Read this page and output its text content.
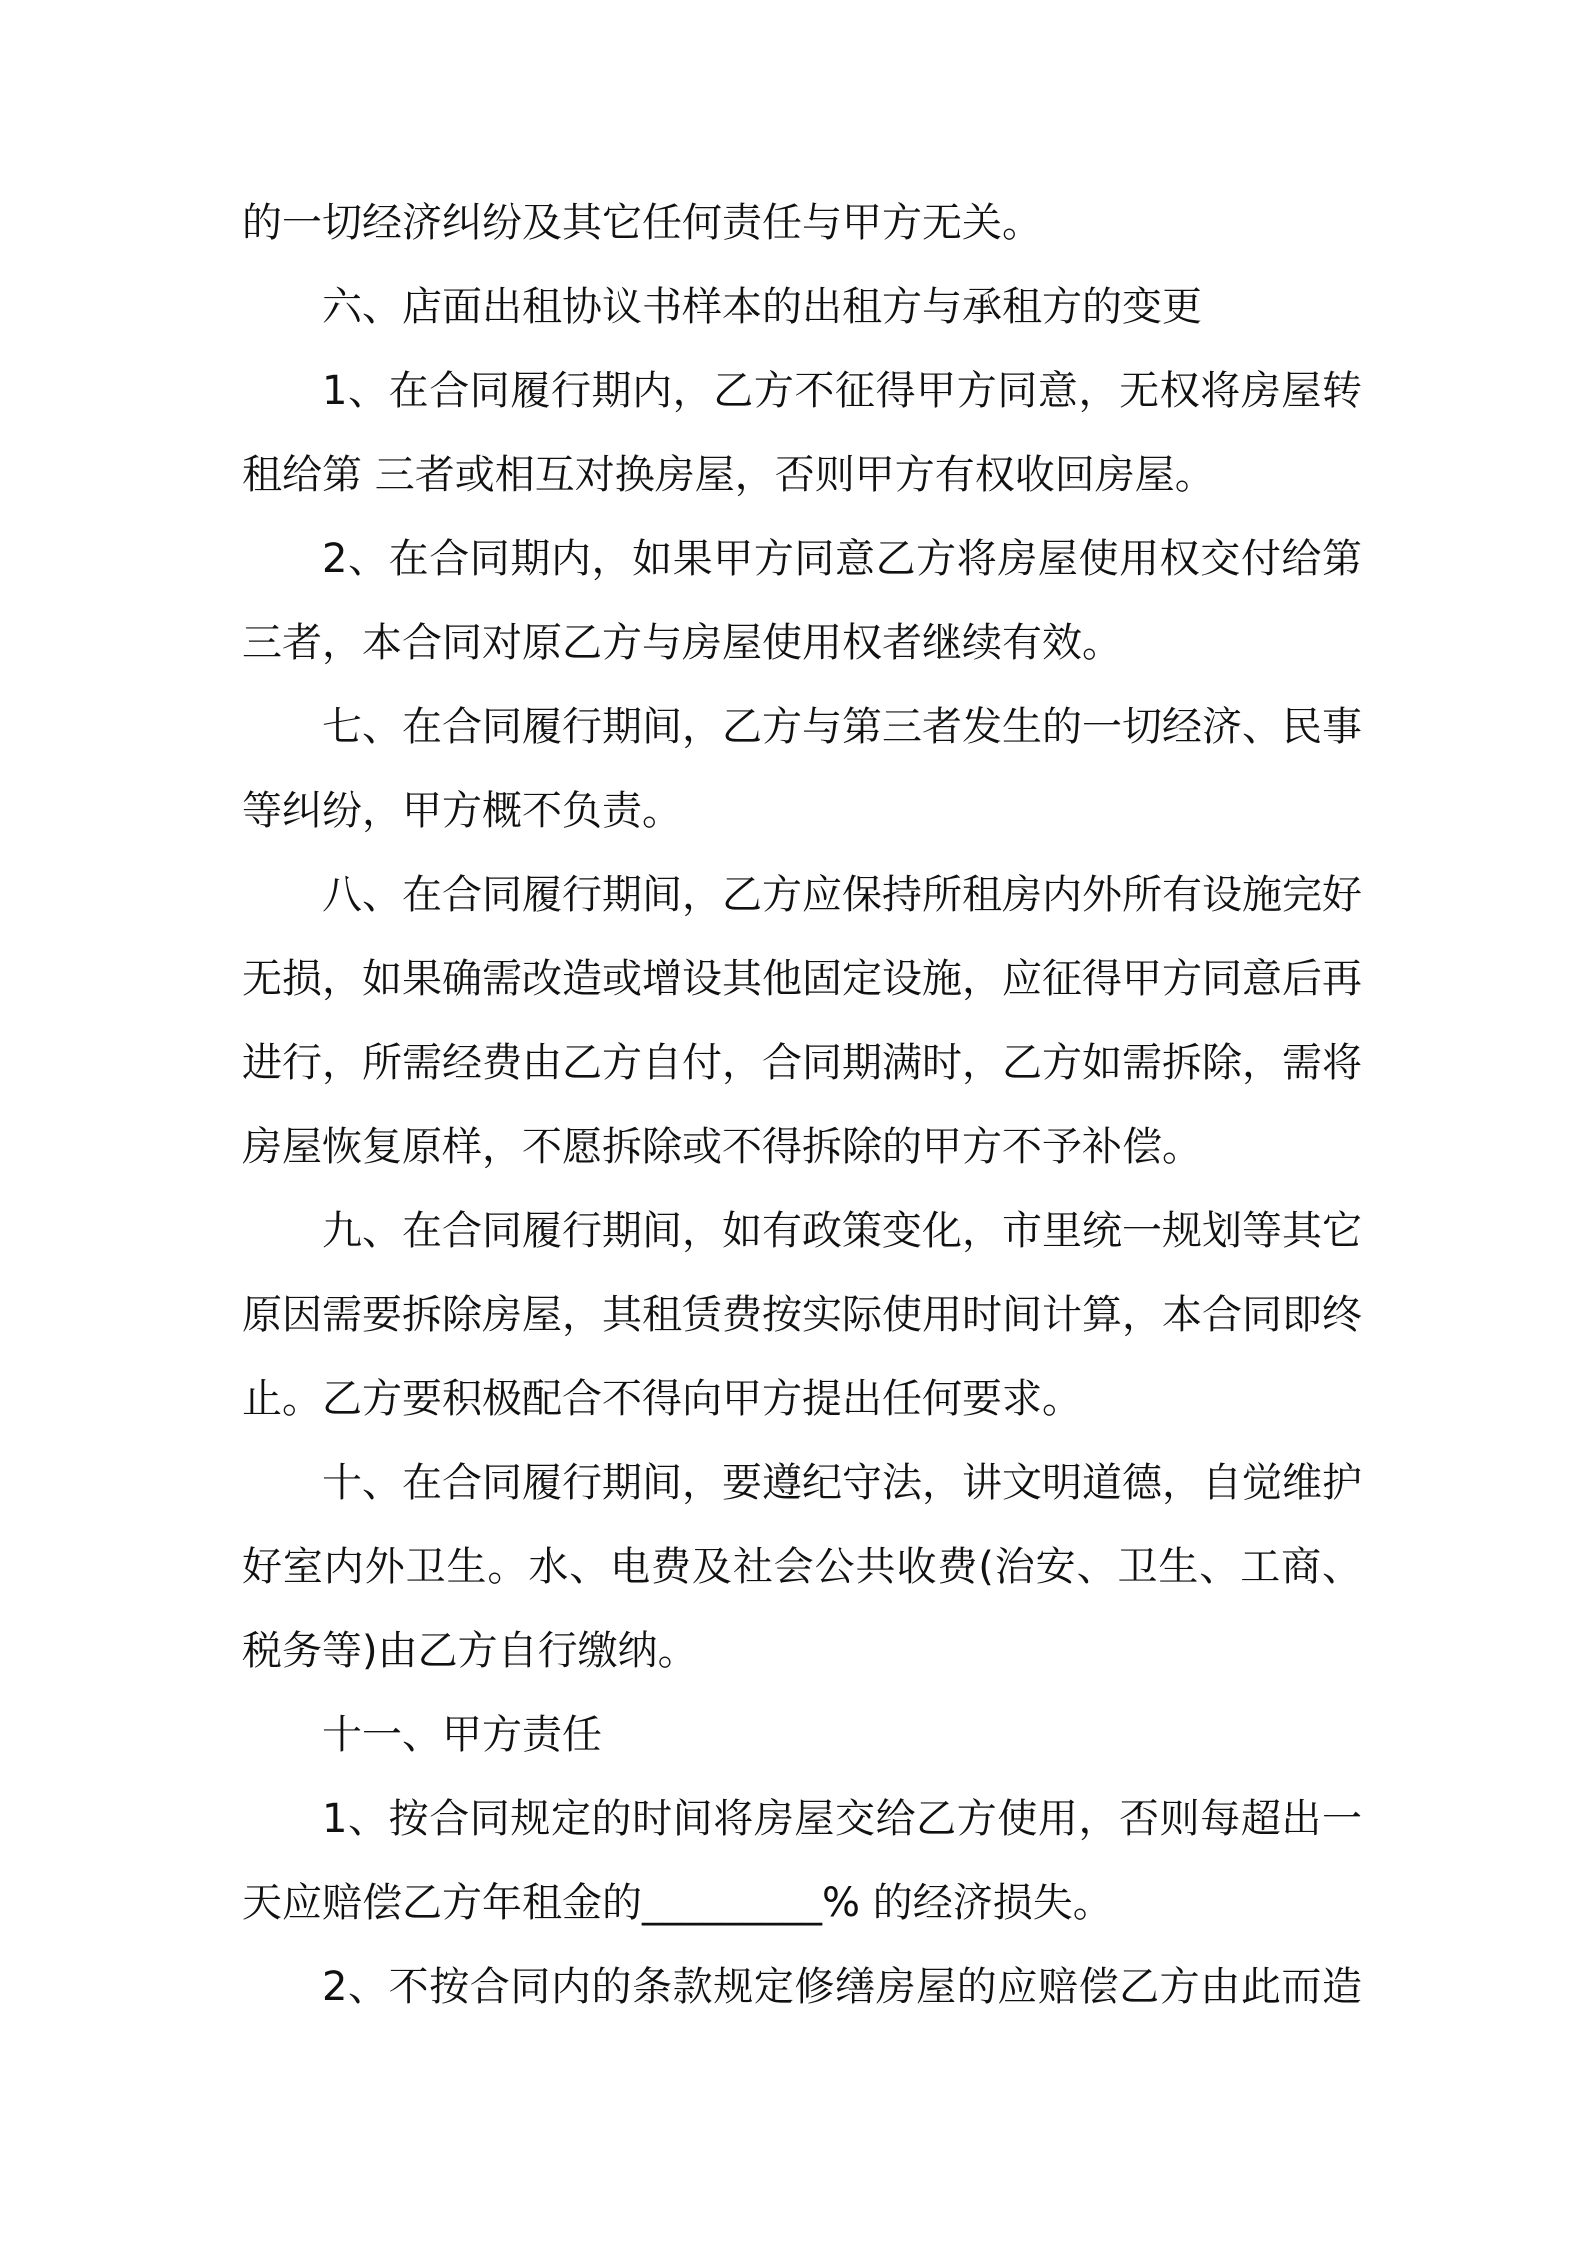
的一切经济纠纷及其它任何责任与甲方无关。
六、店面出租协议书样本的出租方与承租方的变更
1、在合同履行期内，乙方不征得甲方同意，无权将房屋转
租给第 三者或相互对换房屋，否则甲方有权收回房屋。
2、在合同期内，如果甲方同意乙方将房屋使用权交付给第
三者，本合同对原乙方与房屋使用权者继续有效。
七、在合同履行期间，乙方与第三者发生的一切经济、民事
等纠纷，甲方概不负责。
八、在合同履行期间，乙方应保持所租房内外所有设施完好
无损，如果确需改造或增设其他固定设施，应征得甲方同意后再
进行，所需经费由乙方自付，合同期满时，乙方如需拆除，需将
房屋恢复原样，不愿拆除或不得拆除的甲方不予补偿。
九、在合同履行期间，如有政策变化，市里统一规划等其它
原因需要拆除房屋，其租赁费按实际使用时间计算，本合同即终
止。乙方要积极配合不得向甲方提出任何要求。
十、在合同履行期间，要遵纪守法，讲文明道德，自觉维护
好室内外卫生。水、电费及社会公共收费(治安、卫生、工商、
税务等)由乙方自行缴纳。
十一、甲方责任
1、按合同规定的时间将房屋交给乙方使用，否则每超出一
天应赔偿乙方年租金的_________% 的经济损失。
2、不按合同内的条款规定修缮房屋的应赔偿乙方由此而造
